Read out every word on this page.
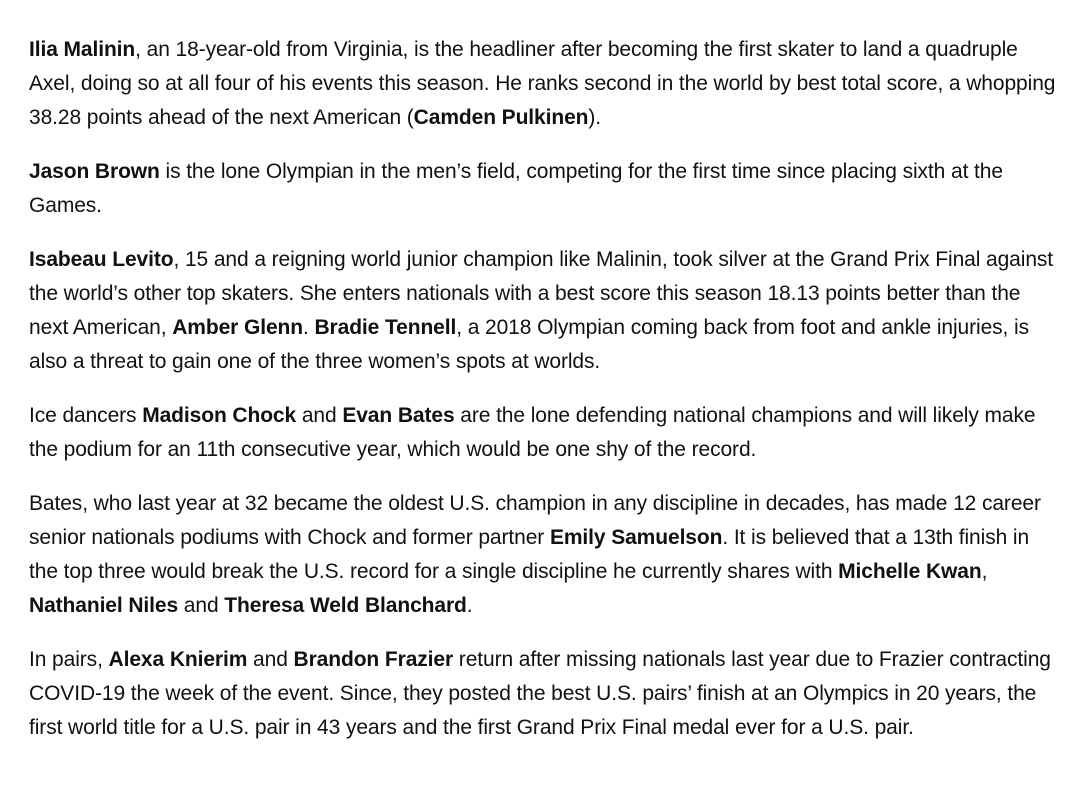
Ilia Malinin, an 18-year-old from Virginia, is the headliner after becoming the first skater to land a quadruple Axel, doing so at all four of his events this season. He ranks second in the world by best total score, a whopping 38.28 points ahead of the next American (Camden Pulkinen).

Jason Brown is the lone Olympian in the men’s field, competing for the first time since placing sixth at the Games.

Isabeau Levito, 15 and a reigning world junior champion like Malinin, took silver at the Grand Prix Final against the world’s other top skaters. She enters nationals with a best score this season 18.13 points better than the next American, Amber Glenn. Bradie Tennell, a 2018 Olympian coming back from foot and ankle injuries, is also a threat to gain one of the three women’s spots at worlds.

Ice dancers Madison Chock and Evan Bates are the lone defending national champions and will likely make the podium for an 11th consecutive year, which would be one shy of the record.

Bates, who last year at 32 became the oldest U.S. champion in any discipline in decades, has made 12 career senior nationals podiums with Chock and former partner Emily Samuelson. It is believed that a 13th finish in the top three would break the U.S. record for a single discipline he currently shares with Michelle Kwan, Nathaniel Niles and Theresa Weld Blanchard.

In pairs, Alexa Knierim and Brandon Frazier return after missing nationals last year due to Frazier contracting COVID-19 the week of the event. Since, they posted the best U.S. pairs’ finish at an Olympics in 20 years, the first world title for a U.S. pair in 43 years and the first Grand Prix Final medal ever for a U.S. pair.
